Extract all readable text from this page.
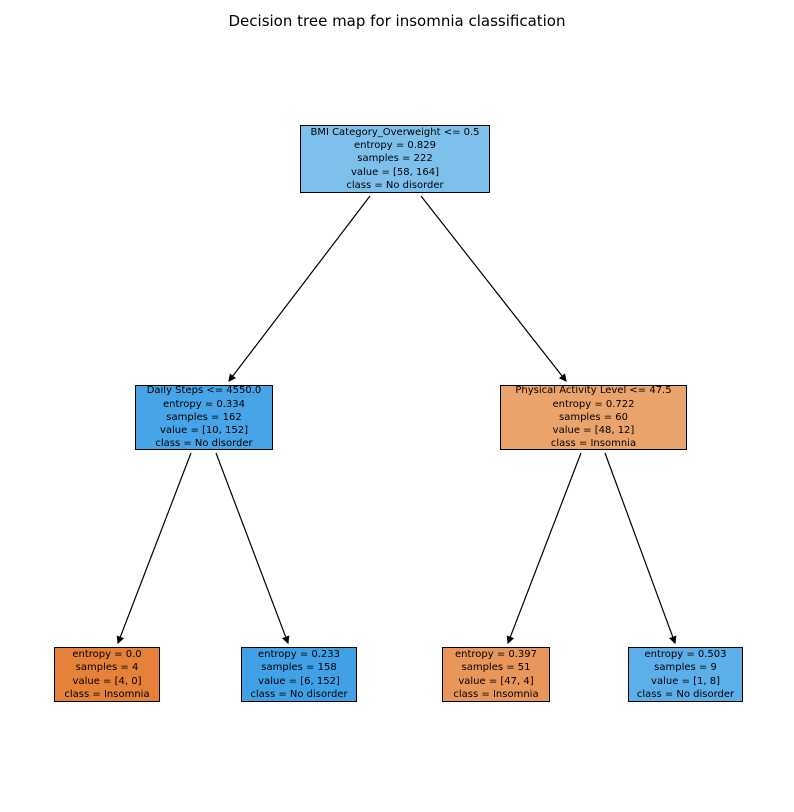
Decision tree map for insomnia classification
BMI Category_Overweight <= 0.5
entropy = 0.829
samples = 222
value = [58, 164]
class = No disorder
Daily Steps <= 4550.0
entropy = 0.334
samples = 162
value = [10, 152]
class = No disorder
Physical Activity Level <= 47.5
entropy = 0.722
samples = 60
value = [48, 12]
class = Insomnia
entropy = 0.0
samples = 4
value = [4, 0]
class = Insomnia
entropy = 0.233
samples = 158
value = [6, 152]
class = No disorder
entropy = 0.397
samples = 51
value = [47, 4]
class = Insomnia
entropy = 0.503
samples = 9
value = [1, 8]
class = No disorder
